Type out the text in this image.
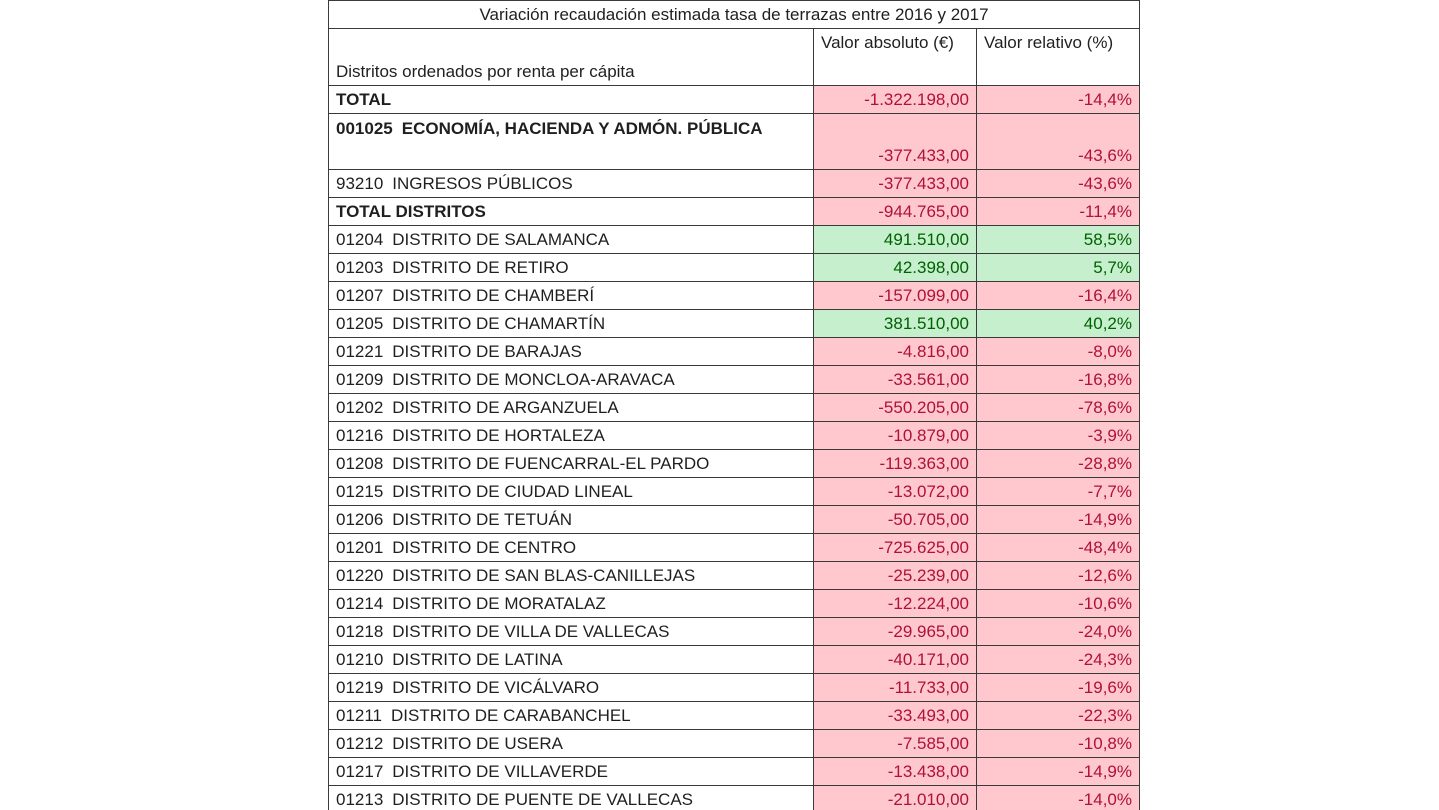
Variación recaudación estimada tasa de terrazas entre 2016 y 2017		
Distritos ordenados por renta per cápita	Valor absoluto (€)	Valor relativo (%)
TOTAL	-1.322.198,00	-14,4%
001025 ECONOMÍA, HACIENDA Y ADMÓN. PÚBLICA	-377.433,00	-43,6%
93210 INGRESOS PÚBLICOS	-377.433,00	-43,6%
TOTAL DISTRITOS	-944.765,00	-11,4%
01204 DISTRITO DE SALAMANCA	491.510,00	58,5%
01203 DISTRITO DE RETIRO	42.398,00	5,7%
01207 DISTRITO DE CHAMBERÍ	-157.099,00	-16,4%
01205 DISTRITO DE CHAMARTÍN	381.510,00	40,2%
01221 DISTRITO DE BARAJAS	-4.816,00	-8,0%
01209 DISTRITO DE MONCLOA-ARAVACA	-33.561,00	-16,8%
01202 DISTRITO DE ARGANZUELA	-550.205,00	-78,6%
01216 DISTRITO DE HORTALEZA	-10.879,00	-3,9%
01208 DISTRITO DE FUENCARRAL-EL PARDO	-119.363,00	-28,8%
01215 DISTRITO DE CIUDAD LINEAL	-13.072,00	-7,7%
01206 DISTRITO DE TETUÁN	-50.705,00	-14,9%
01201 DISTRITO DE CENTRO	-725.625,00	-48,4%
01220 DISTRITO DE SAN BLAS-CANILLEJAS	-25.239,00	-12,6%
01214 DISTRITO DE MORATALAZ	-12.224,00	-10,6%
01218 DISTRITO DE VILLA DE VALLECAS	-29.965,00	-24,0%
01210 DISTRITO DE LATINA	-40.171,00	-24,3%
01219 DISTRITO DE VICÁLVARO	-11.733,00	-19,6%
01211 DISTRITO DE CARABANCHEL	-33.493,00	-22,3%
01212 DISTRITO DE USERA	-7.585,00	-10,8%
01217 DISTRITO DE VILLAVERDE	-13.438,00	-14,9%
01213 DISTRITO DE PUENTE DE VALLECAS	-21.010,00	-14,0%
